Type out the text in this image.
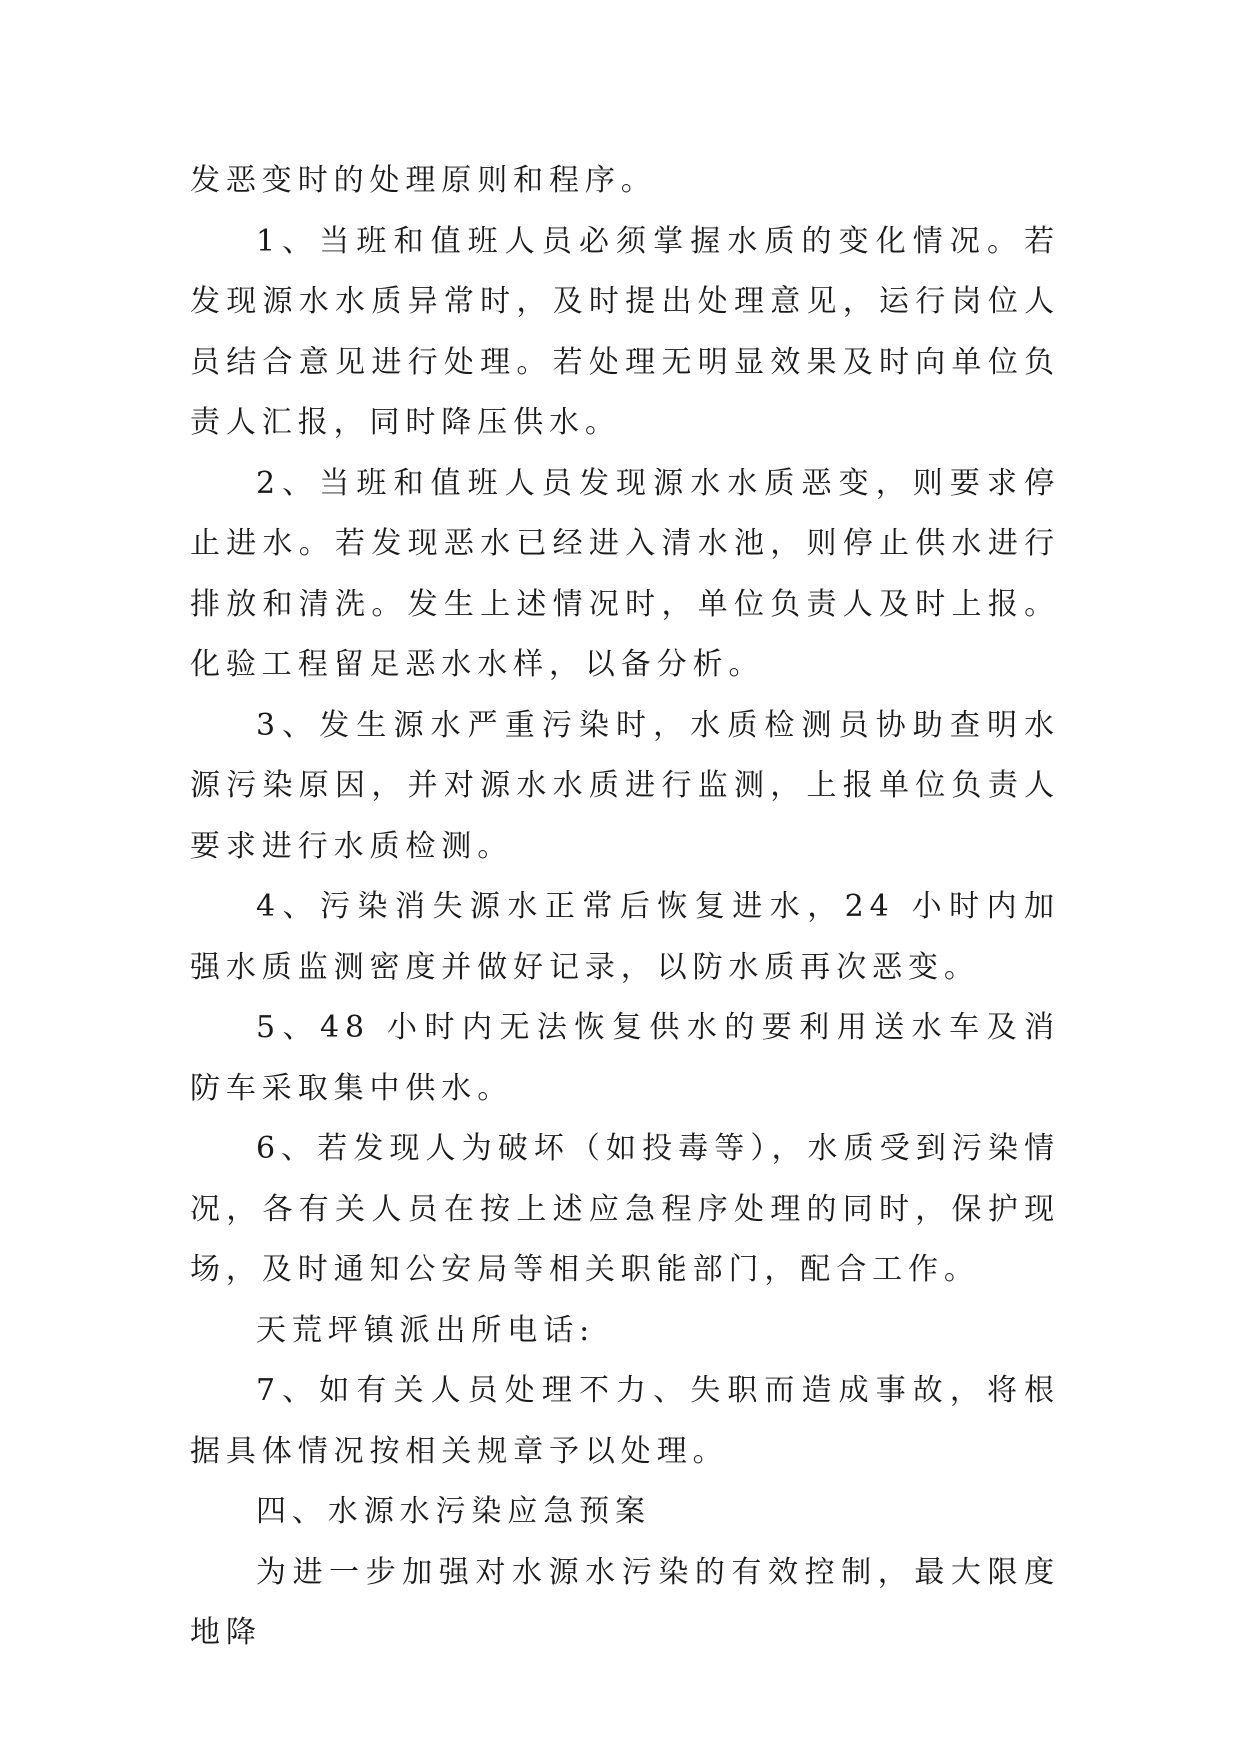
发恶变时的处理原则和程序。

1、当班和值班人员必须掌握水质的变化情况。若发现源水水质异常时，及时提出处理意见，运行岗位人员结合意见进行处理。若处理无明显效果及时向单位负责人汇报，同时降压供水。

2、当班和值班人员发现源水水质恶变，则要求停止进水。若发现恶水已经进入清水池，则停止供水进行排放和清洗。发生上述情况时，单位负责人及时上报。化验工程留足恶水水样，以备分析。

3、发生源水严重污染时，水质检测员协助查明水源污染原因，并对源水水质进行监测，上报单位负责人要求进行水质检测。

4、污染消失源水正常后恢复进水，24 小时内加强水质监测密度并做好记录，以防水质再次恶变。

5、48 小时内无法恢复供水的要利用送水车及消防车采取集中供水。

6、若发现人为破坏（如投毒等），水质受到污染情况，各有关人员在按上述应急程序处理的同时，保护现场，及时通知公安局等相关职能部门，配合工作。

天荒坪镇派出所电话:

7、如有关人员处理不力、失职而造成事故，将根据具体情况按相关规章予以处理。

四、水源水污染应急预案

为进一步加强对水源水污染的有效控制，最大限度地降
